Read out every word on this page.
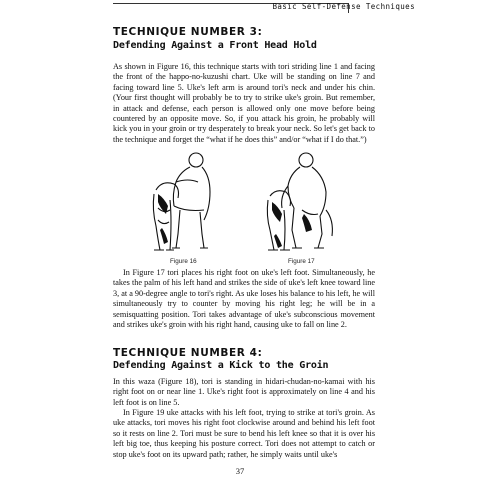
Basic Self-Defense Techniques
TECHNIQUE NUMBER 3:
Defending Against a Front Head Hold

As shown in Figure 16, this technique starts with tori striding line 1 and facing the front of the happo-no-kuzushi chart. Uke will be standing on line 7 and facing toward line 5. Uke's left arm is around tori's neck and under his chin. (Your first thought will probably be to try to strike uke's groin. But remember, in attack and defense, each person is allowed only one move before being countered by an opposite move. So, if you attack his groin, he probably will kick you in your groin or try desperately to break your neck. So let's get back to the technique and forget the “what if he does this” and/or “what if I do that.”)

Figure 16	Figure 17

In Figure 17 tori places his right foot on uke's left foot. Simultaneously, he takes the palm of his left hand and strikes the side of uke's left knee toward line 3, at a 90-degree angle to tori's right. As uke loses his balance to his left, he will simultaneously try to counter by moving his right leg; he will be in a semisquatting position. Tori takes advantage of uke's subconscious movement and strikes uke's groin with his right hand, causing uke to fall on line 2.

TECHNIQUE NUMBER 4:
Defending Against a Kick to the Groin

In this waza (Figure 18), tori is standing in hidari-chudan-no-kamai with his right foot on or near line 1. Uke's right foot is approximately on line 4 and his left foot is on line 5.

In Figure 19 uke attacks with his left foot, trying to strike at tori's groin. As uke attacks, tori moves his right foot clockwise around and behind his left foot so it rests on line 2. Tori must be sure to bend his left knee so that it is over his left big toe, thus keeping his posture correct. Tori does not attempt to catch or stop uke's foot on its upward path; rather, he simply waits until uke's

37
